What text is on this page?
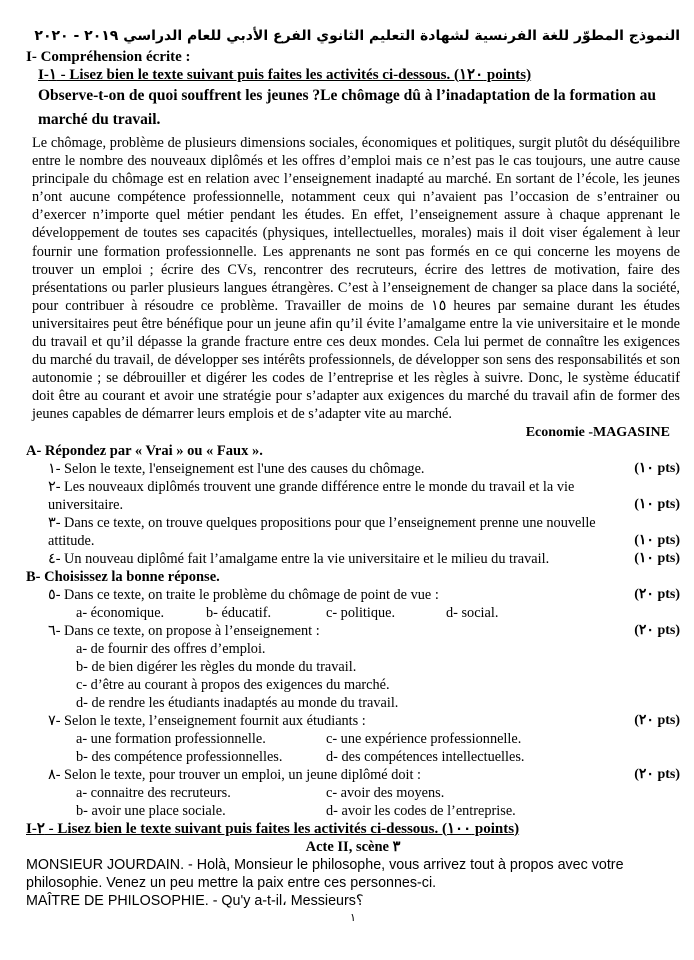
النموذج المطوّر للغة الفرنسية لشهادة التعليم الثانوي الفرع الأدبي للعام الدراسي ٢٠١٩ - ٢٠٢٠
I- Compréhension écrite :
I-١ - Lisez bien le texte suivant puis faites les activités ci-dessous. (١٢٠ points)
Observe-t-on de quoi souffrent les jeunes ?Le chômage dû à l’inadaptation de la formation au marché du travail.
Le chômage, problème de plusieurs dimensions sociales, économiques et politiques, surgit plutôt du déséquilibre entre le nombre des nouveaux diplômés et les offres d’emploi mais ce n’est pas le cas toujours, une autre cause principale du chômage est en relation avec l’enseignement inadapté au marché. En sortant de l’école, les jeunes n’ont aucune compétence professionnelle, notamment ceux qui n’avaient pas l’occasion de s’entrainer ou d’exercer n’importe quel métier pendant les études. En effet, l’enseignement assure à chaque apprenant le développement de toutes ses capacités (physiques, intellectuelles, morales) mais il doit viser également à leur fournir une formation professionnelle. Les apprenants ne sont pas formés en ce qui concerne les moyens de trouver un emploi ; écrire des CVs, rencontrer des recruteurs, écrire des lettres de motivation, faire des présentations ou parler plusieurs langues étrangères. C’est à l’enseignement de changer sa place dans la société, pour contribuer à résoudre ce problème. Travailler de moins de ١٥ heures par semaine durant les études universitaires peut être bénéfique pour un jeune afin qu’il évite l’amalgame entre la vie universitaire et le monde du travail et qu’il dépasse la grande fracture entre ces deux mondes. Cela lui permet de connaître les exigences du marché du travail, de développer ses intérêts professionnels, de développer son sens des responsabilités et son autonomie ; se débrouiller et digérer les codes de l’entreprise et les règles à suivre. Donc, le système éducatif doit être au courant et avoir une stratégie pour s’adapter aux exigences du marché du travail afin de former des jeunes capables de démarrer leurs emplois et de s’adapter vite au marché.
Economie -MAGASINE
A- Répondez par « Vrai » ou « Faux ».
١- Selon le texte, l'enseignement est l'une des causes du chômage.	(١٠ pts)
٢- Les nouveaux diplômés trouvent une grande différence entre le monde du travail et la vie universitaire.	(١٠ pts)
٣- Dans ce texte, on trouve quelques propositions pour que l’enseignement prenne une nouvelle attitude.	(١٠ pts)
٤- Un nouveau diplômé fait l’amalgame entre la vie universitaire et le milieu du travail.	(١٠ pts)
B- Choisissez la bonne réponse.
٥- Dans ce texte, on traite le problème du chômage de point de vue :	(٢٠ pts)
a- économique.	b- éducatif.	c- politique.	d- social.
٦- Dans ce texte, on propose à l’enseignement :	(٢٠ pts)
a- de fournir des offres d’emploi.
b- de bien digérer les règles du monde du travail.
c- d’être au courant à propos des exigences du marché.
d- de rendre les étudiants inadaptés au monde du travail.
٧- Selon le texte, l’enseignement fournit aux étudiants :	(٢٠ pts)
a- une formation professionnelle.	c- une expérience professionnelle.
b- des compétence professionnelles.	d- des compétences intellectuelles.
٨- Selon le texte, pour trouver un emploi, un jeune diplômé doit :	(٢٠ pts)
a- connaitre des recruteurs.	c- avoir des moyens.
b- avoir une place sociale.	d- avoir les codes de l’entreprise.
I-٢ - Lisez bien le texte suivant puis faites les activités ci-dessous. (١٠٠ points)
Acte II, scène ٣
MONSIEUR JOURDAIN. - Holà, Monsieur le philosophe, vous arrivez tout à propos avec votre philosophie. Venez un peu mettre la paix entre ces personnes-ci.
MAÎTRE DE PHILOSOPHIE. - Qu'y a-t-il، Messieurs؟
١
